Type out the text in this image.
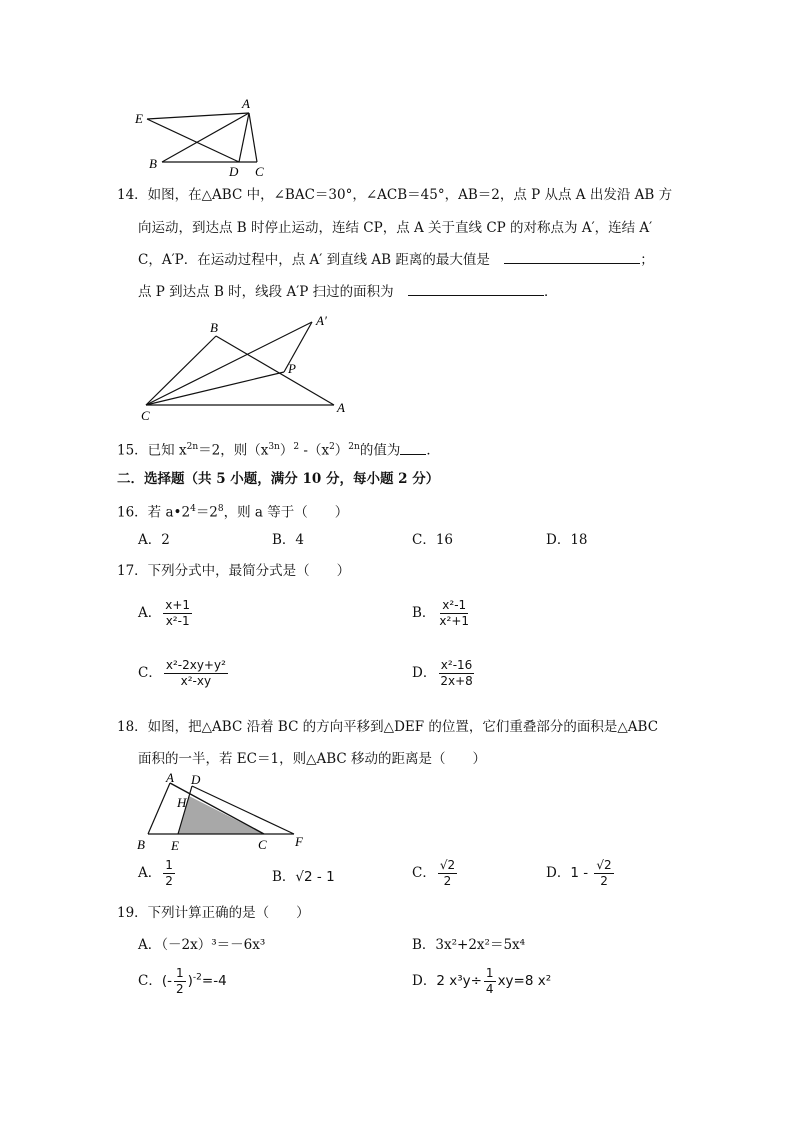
E
A
B
D C
14．如图，在△ABC 中，∠BAC＝30°，∠ACB＝45°，AB＝2，点 P 从点 A 出发沿 AB 方
向运动，到达点 B 时停止运动，连结 CP，点 A 关于直线 CP 的对称点为 A′，连结 A′
C，A′P．在运动过程中，点 A′ 到直线 AB 距离的最大值是	；
点 P 到达点 B 时，线段 A′P 扫过的面积为	．
B	A′
P
C
A
15．已知 $x^{2n}=2$，则$(x^{3n})^2$ $-(x^2)^{2n}$的值为 ．
二．选择题（共 5 小题，满分 10 分，每小题 2 分）
16．若 $a•2^4=2^8$，则 a 等于（　　）
A．2	B．4	C．16	D．18
17．下列分式中，最简分式是（　　）
A． $\frac{x+1}{\text{x²-1}}$	B． $\frac{\text{x²-1}}{\text{x²+1}}$
C． $\frac{\text{x²-2xy+y²}}{\text{x²-xy}}$	D． $\frac{\text{x²-16}}{2x+8}$
18．如图，把△ABC 沿着 BC 的方向平移到△DEF 的位置，它们重叠部分的面积是△ABC
面积的一半，若 EC＝1，则△ABC 移动的距离是（　　）
A D
H
B E	C F
A． $\frac{1}{2}$	B．√2 - 1	C． $\frac{√2}{2}$	D．$1 - \frac{√2}{2}$
19．下列计算正确的是（　　）
A．（－2x）³＝－6x³	B．3x²+2x²＝5x⁴
C．(- $\frac{1}{2} )^{-2}=-4$	D．2 $x^3y\div \frac{1}{4} xy=8$ x²
